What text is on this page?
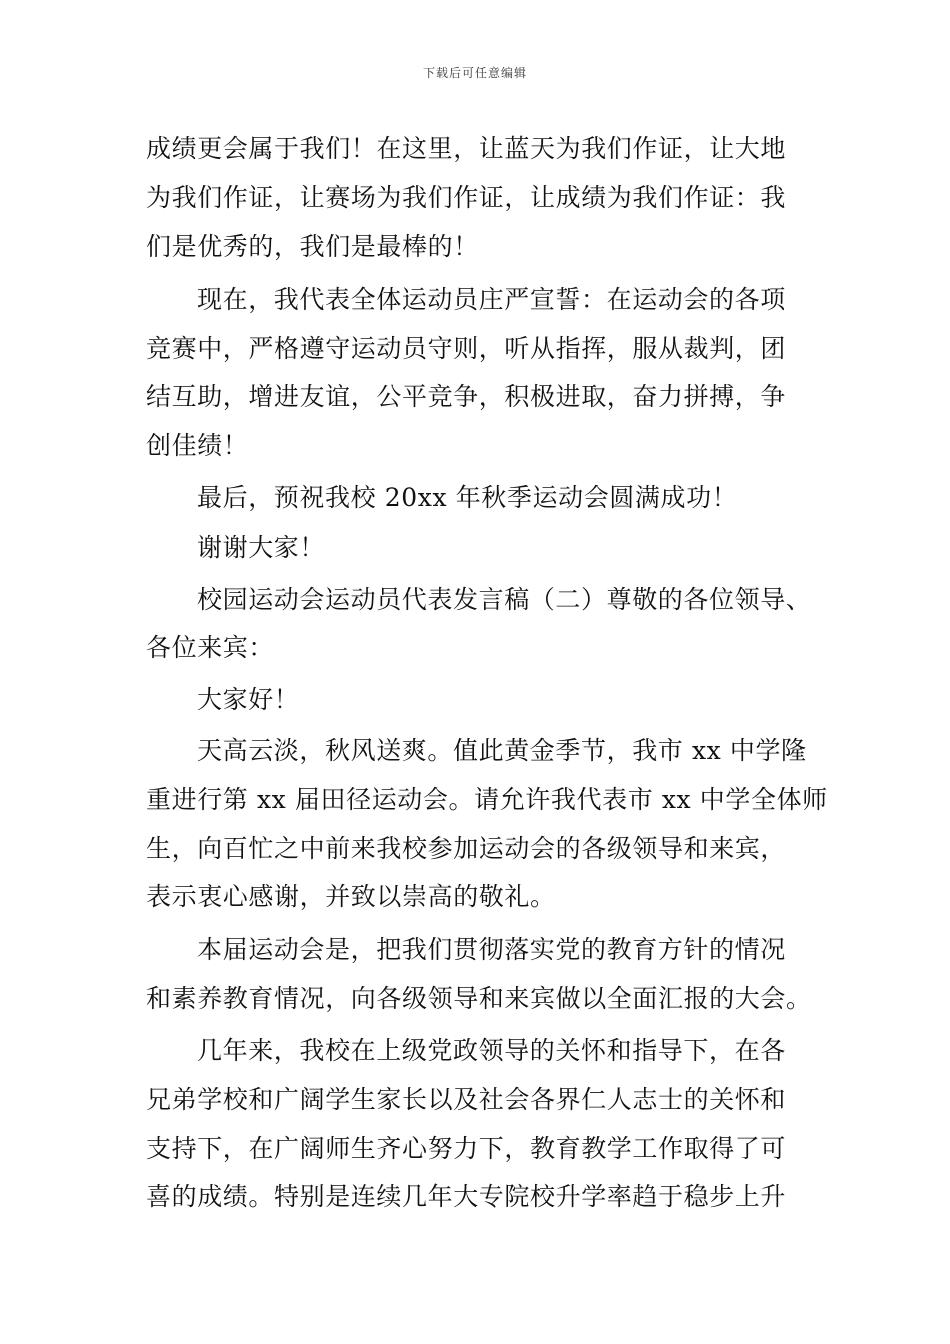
下载后可任意编辑
成绩更会属于我们！在这里，让蓝天为我们作证，让大地
为我们作证，让赛场为我们作证，让成绩为我们作证：我
们是优秀的，我们是最棒的！
现在，我代表全体运动员庄严宣誓：在运动会的各项
竞赛中，严格遵守运动员守则，听从指挥，服从裁判，团
结互助，增进友谊，公平竞争，积极进取，奋力拼搏，争
创佳绩！
最后，预祝我校 20xx 年秋季运动会圆满成功！
谢谢大家！
校园运动会运动员代表发言稿（二）尊敬的各位领导、
各位来宾：
大家好！
天高云淡，秋风送爽。值此黄金季节，我市 xx 中学隆
重进行第 xx 届田径运动会。请允许我代表市 xx 中学全体师
生，向百忙之中前来我校参加运动会的各级领导和来宾，
表示衷心感谢，并致以崇高的敬礼。
本届运动会是，把我们贯彻落实党的教育方针的情况
和素养教育情况，向各级领导和来宾做以全面汇报的大会。
几年来，我校在上级党政领导的关怀和指导下，在各
兄弟学校和广阔学生家长以及社会各界仁人志士的关怀和
支持下，在广阔师生齐心努力下，教育教学工作取得了可
喜的成绩。特别是连续几年大专院校升学率趋于稳步上升
